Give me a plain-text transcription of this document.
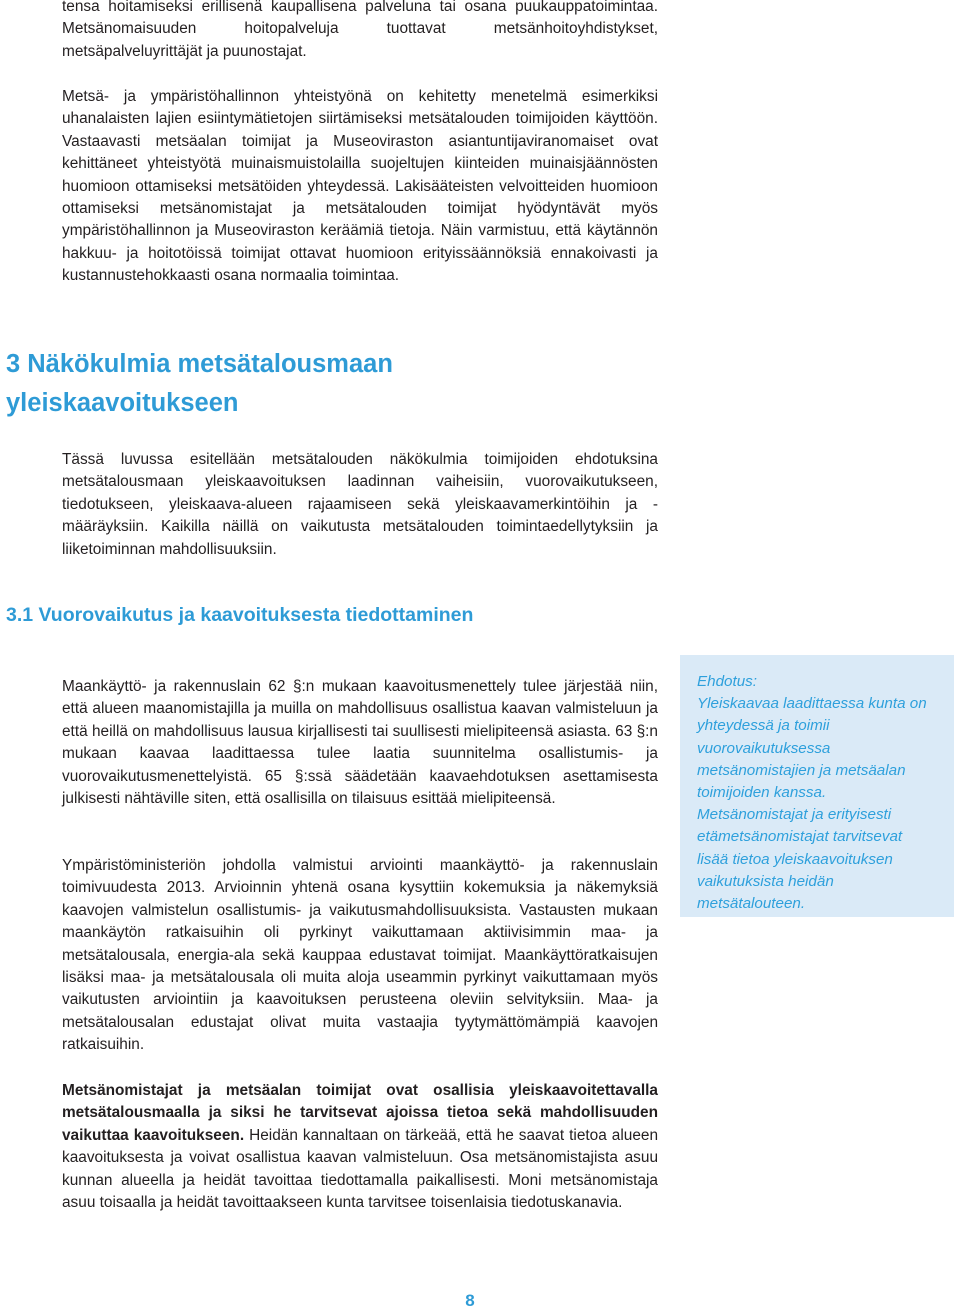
tensa hoitamiseksi erillisenä kaupallisena palveluna tai osana puukauppatoimintaa. Metsänomaisuuden hoitopalveluja tuottavat metsänhoitoyhdistykset, metsäpalveluyrittäjät ja puunostajat.

Metsä- ja ympäristöhallinnon yhteistyönä on kehitetty menetelmä esimerkiksi uhanalaisten lajien esiintymätietojen siirtämiseksi metsätalouden toimijoiden käyttöön. Vastaavasti metsäalan toimijat ja Museoviraston asiantuntijaviranomaiset ovat kehittäneet yhteistyötä muinaismuistolailla suojeltujen kiinteiden muinaisjäännösten huomioon ottamiseksi metsätöiden yhteydessä. Lakisääteisten velvoitteiden huomioon ottamiseksi metsänomistajat ja metsätalouden toimijat hyödyntävät myös ympäristöhallinnon ja Museoviraston keräämiä tietoja. Näin varmistuu, että käytännön hakkuu- ja hoitotöissä toimijat ottavat huomioon erityissäännöksiä ennakoivasti ja kustannustehokkaasti osana normaalia toimintaa.

3 Näkökulmia metsätalousmaan
yleiskaavoitukseen

Tässä luvussa esitellään metsätalouden näkökulmia toimijoiden ehdotuksina metsätalousmaan yleiskaavoituksen laadinnan vaiheisiin, vuorovaikutukseen, tiedotukseen, yleiskaava-alueen rajaamiseen sekä yleiskaavamerkintöihin ja -määräyksiin. Kaikilla näillä on vaikutusta metsätalouden toimintaedellytyksiin ja liiketoiminnan mahdollisuuksiin.

3.1 Vuorovaikutus ja kaavoituksesta tiedottaminen

Maankäyttö- ja rakennuslain 62 §:n mukaan kaavoitusmenettely tulee järjestää niin, että alueen maanomistajilla ja muilla on mahdollisuus osallistua kaavan valmisteluun ja että heillä on mahdollisuus lausua kirjallisesti tai suullisesti mielipiteensä asiasta. 63 §:n mukaan kaavaa laadittaessa tulee laatia suunnitelma osallistumis- ja vuorovaikutusmenettelyistä. 65 §:ssä säädetään kaavaehdotuksen asettamisesta julkisesti nähtäville siten, että osallisilla on tilaisuus esittää mielipiteensä.

Ympäristöministeriön johdolla valmistui arviointi maankäyttö- ja rakennuslain toimivuudesta 2013. Arvioinnin yhtenä osana kysyttiin kokemuksia ja näkemyksiä kaavojen valmistelun osallistumis- ja vaikutusmahdollisuuksista. Vastausten mukaan maankäytön ratkaisuihin oli pyrkinyt vaikuttamaan aktiivisimmin maa- ja metsätalousala, energia-ala sekä kauppaa edustavat toimijat. Maankäyttöratkaisujen lisäksi maa- ja metsätalousala oli muita aloja useammin pyrkinyt vaikuttamaan myös vaikutusten arviointiin ja kaavoituksen perusteena oleviin selvityksiin. Maa- ja metsätalousalan edustajat olivat muita vastaajia tyytymättömämpiä kaavojen ratkaisuihin.

Metsänomistajat ja metsäalan toimijat ovat osallisia yleiskaavoitettavalla metsätalousmaalla ja siksi he tarvitsevat ajoissa tietoa sekä mahdollisuuden vaikuttaa kaavoitukseen. Heidän kannaltaan on tärkeää, että he saavat tietoa alueen kaavoituksesta ja voivat osallistua kaavan valmisteluun. Osa metsänomistajista asuu kunnan alueella ja heidät tavoittaa tiedottamalla paikallisesti. Moni metsänomistaja asuu toisaalla ja heidät tavoittaakseen kunta tarvitsee toisenlaisia tiedotuskanavia.

Ehdotus:

Yleiskaavaa laadittaessa kunta on yhteydessä ja toimii vuorovaikutuksessa metsänomistajien ja metsäalan toimijoiden kanssa. Metsänomistajat ja erityisesti etämetsänomistajat tarvitsevat lisää tietoa yleiskaavoituksen vaikutuksista heidän metsätalouteen.

8
